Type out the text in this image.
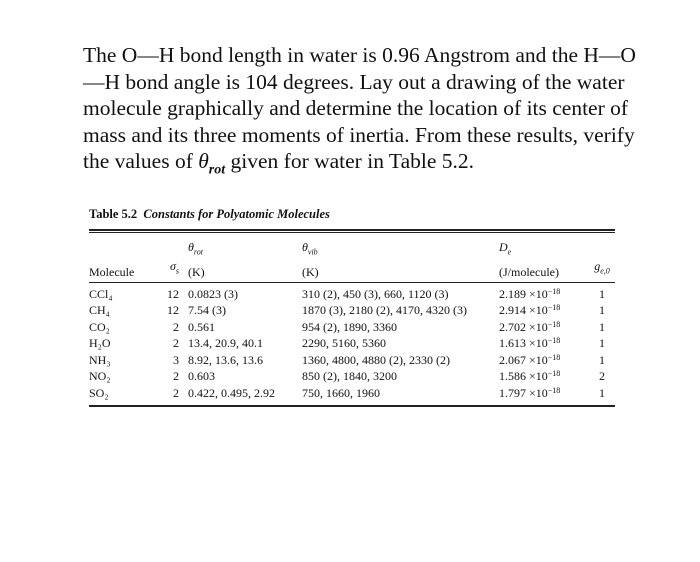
The O—H bond length in water is 0.96 Angstrom and the H—O —H bond angle is 104 degrees. Lay out a drawing of the water molecule graphically and determine the location of its center of mass and its three moments of inertia. From these results, verify the values of $\theta_{rot}$ given for water in Table 5.2.
Table 5.2 Constants for Polyatomic Molecules
		$\theta_{rot}$	$\theta_{vib}$	$D_e$	
Molecule	$\sigma_s$	(K)	(K)	(J/molecule)	$g_{e,0}$

CCl₄	12	0.0823 (3)	310 (2), 450 (3), 660, 1120 (3)	$2.189 \times 10^{-18}$	1
CH₄	12	7.54 (3)	1870 (3), 2180 (2), 4170, 4320 (3)	$2.914 \times 10^{-18}$	1
CO₂	2	0.561	954 (2), 1890, 3360	$2.702 \times 10^{-18}$	1
H₂O	2	13.4, 20.9, 40.1	2290, 5160, 5360	$1.613 \times 10^{-18}$	1
NH₃	3	8.92, 13.6, 13.6	1360, 4800, 4880 (2), 2330 (2)	$2.067 \times 10^{-18}$	1
NO₂	2	0.603	850 (2), 1840, 3200	$1.586 \times 10^{-18}$	2
SO₂	2	0.422, 0.495, 2.92	750, 1660, 1960	$1.797 \times 10^{-18}$	1
